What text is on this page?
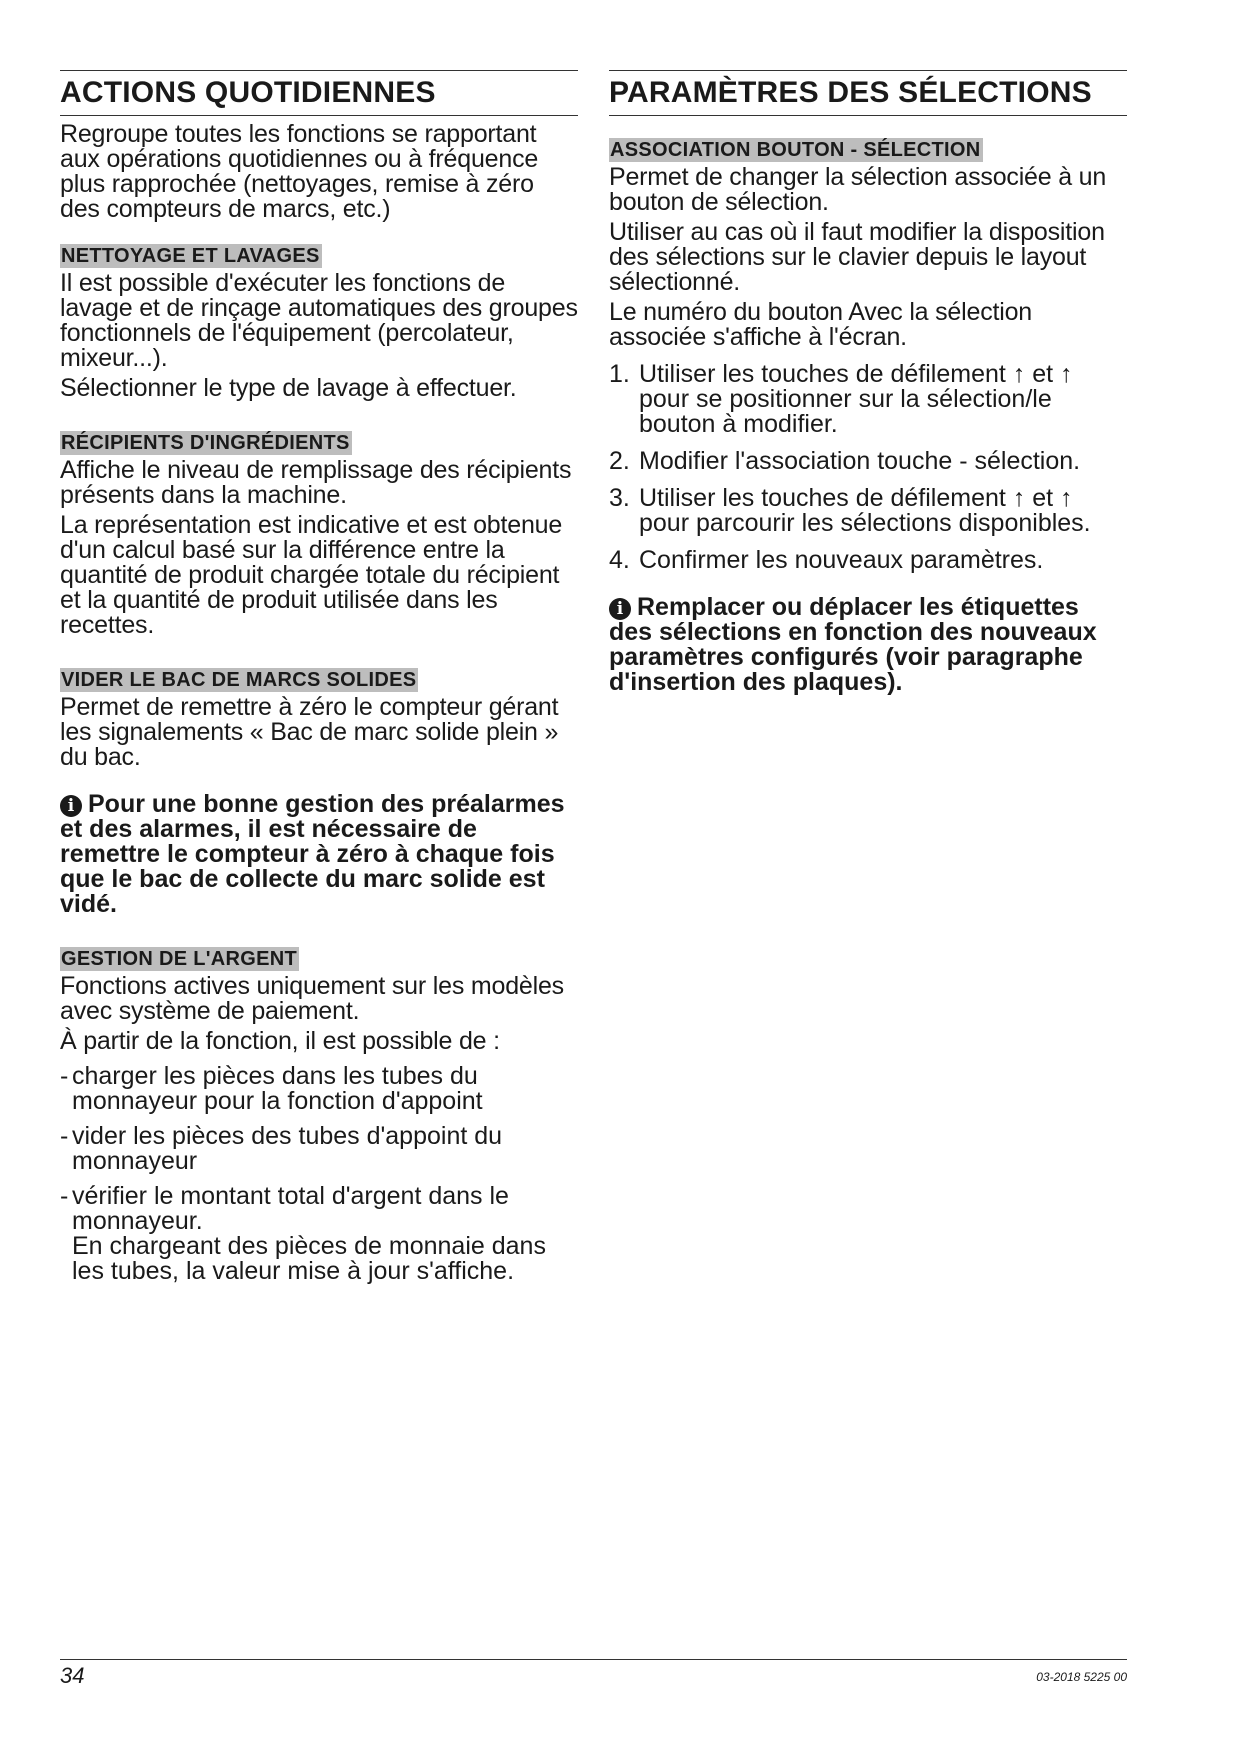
ACTIONS QUOTIDIENNES

Regroupe toutes les fonctions se rapportant aux opérations quotidiennes ou à fréquence plus rapprochée (nettoyages, remise à zéro des compteurs de marcs, etc.)

NETTOYAGE ET LAVAGES

Il est possible d'exécuter les fonctions de lavage et de rinçage automatiques des groupes fonctionnels de l'équipement (percolateur, mixeur...).

Sélectionner le type de lavage à effectuer.

RÉCIPIENTS D'INGRÉDIENTS

Affiche le niveau de remplissage des récipients présents dans la machine.

La représentation est indicative et est obtenue d'un calcul basé sur la différence entre la quantité de produit chargée totale du récipient et la quantité de produit utilisée dans les recettes.

VIDER LE BAC DE MARCS SOLIDES

Permet de remettre à zéro le compteur gérant les signalements « Bac de marc solide plein » du bac.

i Pour une bonne gestion des préalarmes et des alarmes, il est nécessaire de remettre le compteur à zéro à chaque fois que le bac de collecte du marc solide est vidé.

GESTION DE L'ARGENT

Fonctions actives uniquement sur les modèles avec système de paiement.

À partir de la fonction, il est possible de :

- charger les pièces dans les tubes du monnayeur pour la fonction d'appoint
- vider les pièces des tubes d'appoint du monnayeur
- vérifier le montant total d'argent dans le monnayeur.
En chargeant des pièces de monnaie dans les tubes, la valeur mise à jour s'affiche.
PARAMÈTRES DES SÉLECTIONS
ASSOCIATION BOUTON - SÉLECTION

Permet de changer la sélection associée à un bouton de sélection.

Utiliser au cas où il faut modifier la disposition des sélections sur le clavier depuis le layout sélectionné.

Le numéro du bouton Avec la sélection associée s'affiche à l'écran.

1. Utiliser les touches de défilement ↑ et ↑ pour se positionner sur la sélection/le bouton à modifier.
2. Modifier l'association touche - sélection.
3. Utiliser les touches de défilement ↑ et ↑ pour parcourir les sélections disponibles.
4. Confirmer les nouveaux paramètres.

i Remplacer ou déplacer les étiquettes des sélections en fonction des nouveaux paramètres configurés (voir paragraphe d'insertion des plaques).

34	03-2018 5225 00
